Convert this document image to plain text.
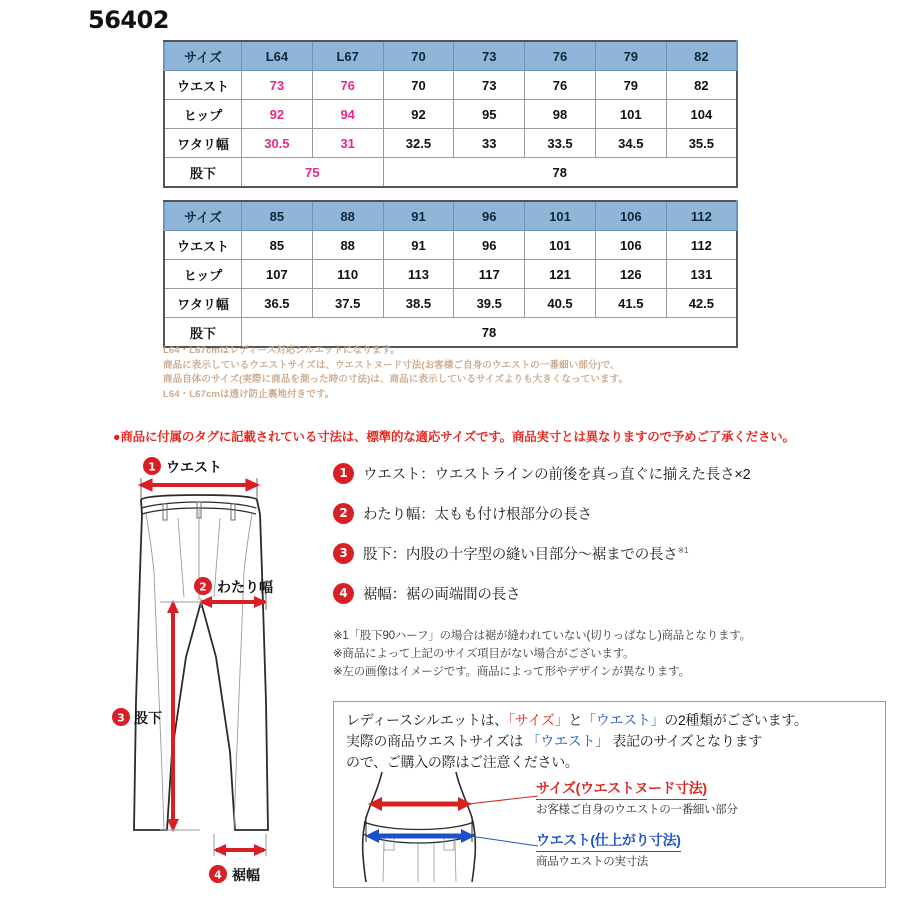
56402
サイズ	L64	L67	70	73	76	79	82
ウエスト	73	76	70	73	76	79	82
ヒップ	92	94	92	95	98	101	104
ワタリ幅	30.5	31	32.5	33	33.5	34.5	35.5
股下	75		78				
サイズ	85	88	91	96	101	106	112
ウエスト	85	88	91	96	101	106	112
ヒップ	107	110	113	117	121	126	131
ワタリ幅	36.5	37.5	38.5	39.5	40.5	41.5	42.5
股下	78						
L64・L67cmはレディース対応シルエットになります。
商品に表示しているウエストサイズは、ウエストヌード寸法(お客様ご自身のウエストの一番細い部分)で、
商品自体のサイズ(実際に商品を測った時の寸法)は、商品に表示しているサイズよりも大きくなっています。
L64・L67cmは透け防止裏地付きです。
●商品に付属のタグに記載されている寸法は、標準的な適応サイズです。商品実寸とは異なりますので予めご了承ください。
1 ウエスト
2 わたり幅
3 股下
4 裾幅
1	ウエスト：ウエストラインの前後を真っ直ぐに揃えた長さ×2
2	わたり幅：太もも付け根部分の長さ
3	股下：内股の十字型の縫い目部分～裾までの長さ$^{※1}$
4	裾幅：裾の両端間の長さ
※1「股下90ハーフ」の場合は裾が縫われていない(切りっぱなし)商品となります。
※商品によって上記のサイズ項目がない場合がございます。
※左の画像はイメージです。商品によって形やデザインが異なります。
レディースシルエットは、「サイズ」と「ウエスト」の2種類がございます。
実際の商品ウエストサイズは 「ウエスト」 表記のサイズとなります
ので、ご購入の際はご注意ください。
サイズ(ウエストヌード寸法)
お客様ご自身のウエストの一番細い部分
ウエスト(仕上がり寸法)
商品ウエストの実寸法
